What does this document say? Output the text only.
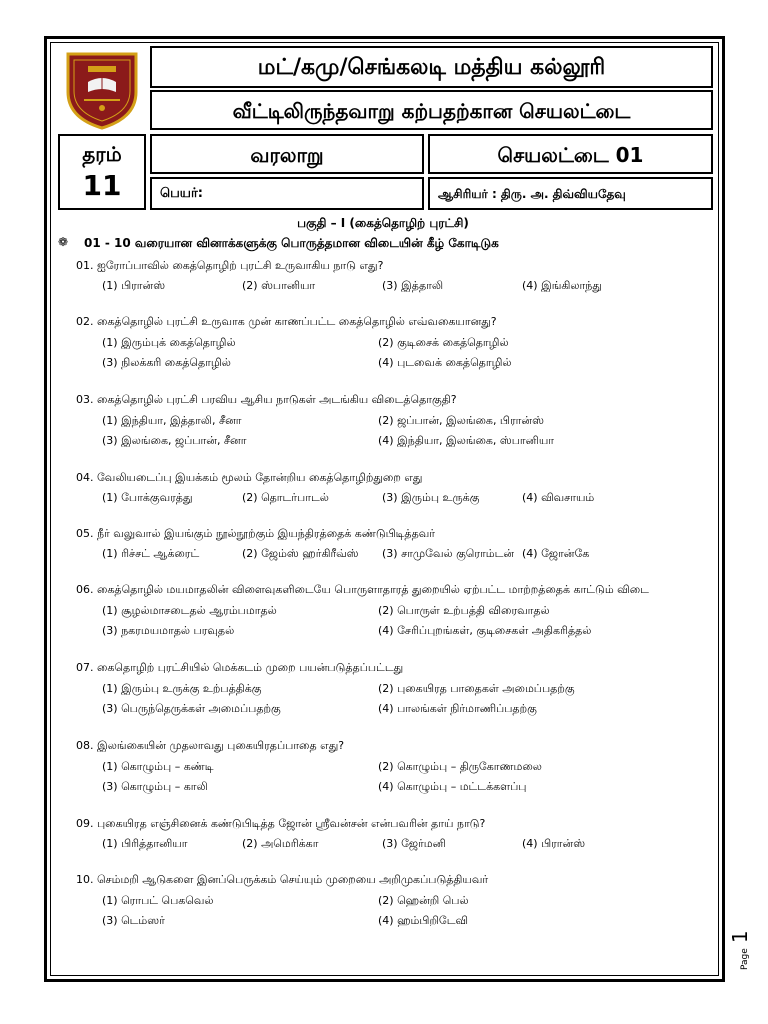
மட்/கமு/செங்கலடி மத்திய கல்லூரி
வீட்டிலிருந்தவாறு கற்பதற்கான செயலட்டை
தரம்
11
வரலாறு	செயலட்டை 01
பெயர்:	ஆசிரியர் : திரு. அ. திவ்வியதேவு
பகுதி – I (கைத்தொழிற் புரட்சி)
❁ 01 - 10 வரையான வினாக்களுக்கு பொருத்தமான விடையின் கீழ் கோடிடுக
01. ஐரோப்பாவில் கைத்தொழிற் புரட்சி உருவாகிய நாடு எது?
(1) பிரான்ஸ்	(2) ஸ்பானியா	(3) இத்தாலி	(4) இங்கிலாந்து
02. கைத்தொழில் புரட்சி உருவாக முன் காணப்பட்ட கைத்தொழில் எவ்வகையானது?
(1) இரும்புக் கைத்தொழில்	(2) குடிசைக் கைத்தொழில்
(3) நிலக்கரி கைத்தொழில்	(4) புடவைக் கைத்தொழில்
03. கைத்தொழில் புரட்சி பரவிய ஆசிய நாடுகள் அடங்கிய விடைத்தொகுதி?
(1) இந்தியா, இத்தாலி, சீனா	(2) ஜப்பான், இலங்கை, பிரான்ஸ்
(3) இலங்கை, ஜப்பான், சீனா	(4) இந்தியா, இலங்கை, ஸ்பானியா
04. வேலியடைப்பு இயக்கம் மூலம் தோன்றிய கைத்தொழிற்துறை எது
(1) போக்குவரத்து	(2) தொடர்பாடல்	(3) இரும்பு உருக்கு	(4) விவசாயம்
05. நீர் வலுவால் இயங்கும் நூல்நூற்கும் இயந்திரத்தைக் கண்டுபிடித்தவர்
(1) ரிச்சட் ஆக்ரைட்	(2) ஜேம்ஸ் ஹர்கிரீவ்ஸ்	(3) சாமுவேல் குரொம்டன் (4) ஜோன்கே
06. கைத்தொழில் மயமாதலின் விளைவுகளிடையே பொருளாதாரத் துறையில் ஏற்பட்ட மாற்றத்தைக் காட்டும் விடை
(1) சூழல்மாசடைதல் ஆரம்பமாதல்	(2) பொருள் உற்பத்தி விரைவாதல்
(3) நகரமயமாதல் பரவுதல்	(4) சேரிப்புறங்கள், குடிசைகள் அதிகரித்தல்
07. கைதொழிற் புரட்சியில் மெக்கடம் முறை பயன்படுத்தப்பட்டது
(1) இரும்பு உருக்கு உற்பத்திக்கு	(2) புகையிரத பாதைகள் அமைப்பதற்கு
(3) பெருந்தெருக்கள் அமைப்பதற்கு	(4) பாலங்கள் நிர்மாணிப்பதற்கு
08. இலங்கையின் முதலாவது புகையிரதப்பாதை எது?
(1) கொழும்பு – கண்டி	(2) கொழும்பு – திருகோணமலை
(3) கொழும்பு – காலி	(4) கொழும்பு – மட்டக்களப்பு
09. புகையிரத எஞ்சினைக் கண்டுபிடித்த ஜோன் ஸ்ரீவன்சன் என்பவரின் தாய் நாடு?
(1) பிரித்தானியா	(2) அமெரிக்கா	(3) ஜேர்மனி	(4) பிரான்ஸ்
10. செம்மறி ஆடுகளை இனப்பெருக்கம் செய்யும் முறையை அறிமுகப்படுத்தியவர்
(1) ரொபட் பெகவெல்	(2) ஹென்றி பெல்
(3) டெம்ஸர்	(4) ஹம்பிறிடேவி
Page 1
